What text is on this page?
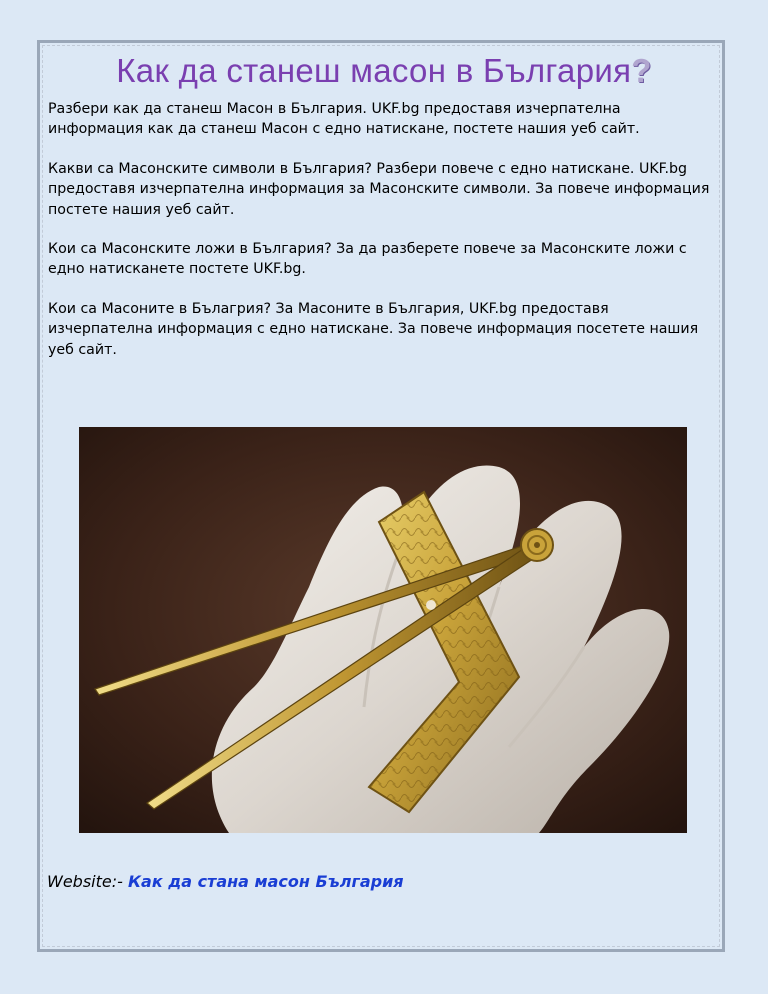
Как да станеш масон в България?

Разбери как да станеш Масон в България. UKF.bg предоставя изчерпателна информация как да станеш Масон с едно натискане, постете нашия уеб сайт.

Какви са Масонските символи в България? Разбери повече с едно натискане. UKF.bg предоставя изчерпателна информация за Масонските символи. За повече информация постете нашия уеб сайт.

Кои са Масонските ложи в България? За да разберете повече за Масонските ложи с едно натисканете постете UKF.bg.

Кои са Масоните в Бълагрия? За Масоните в България, UKF.bg предоставя изчерпателна информация с едно натискане. За повече информация посетете нашия уеб сайт.

Website:- Как да стана масон България
